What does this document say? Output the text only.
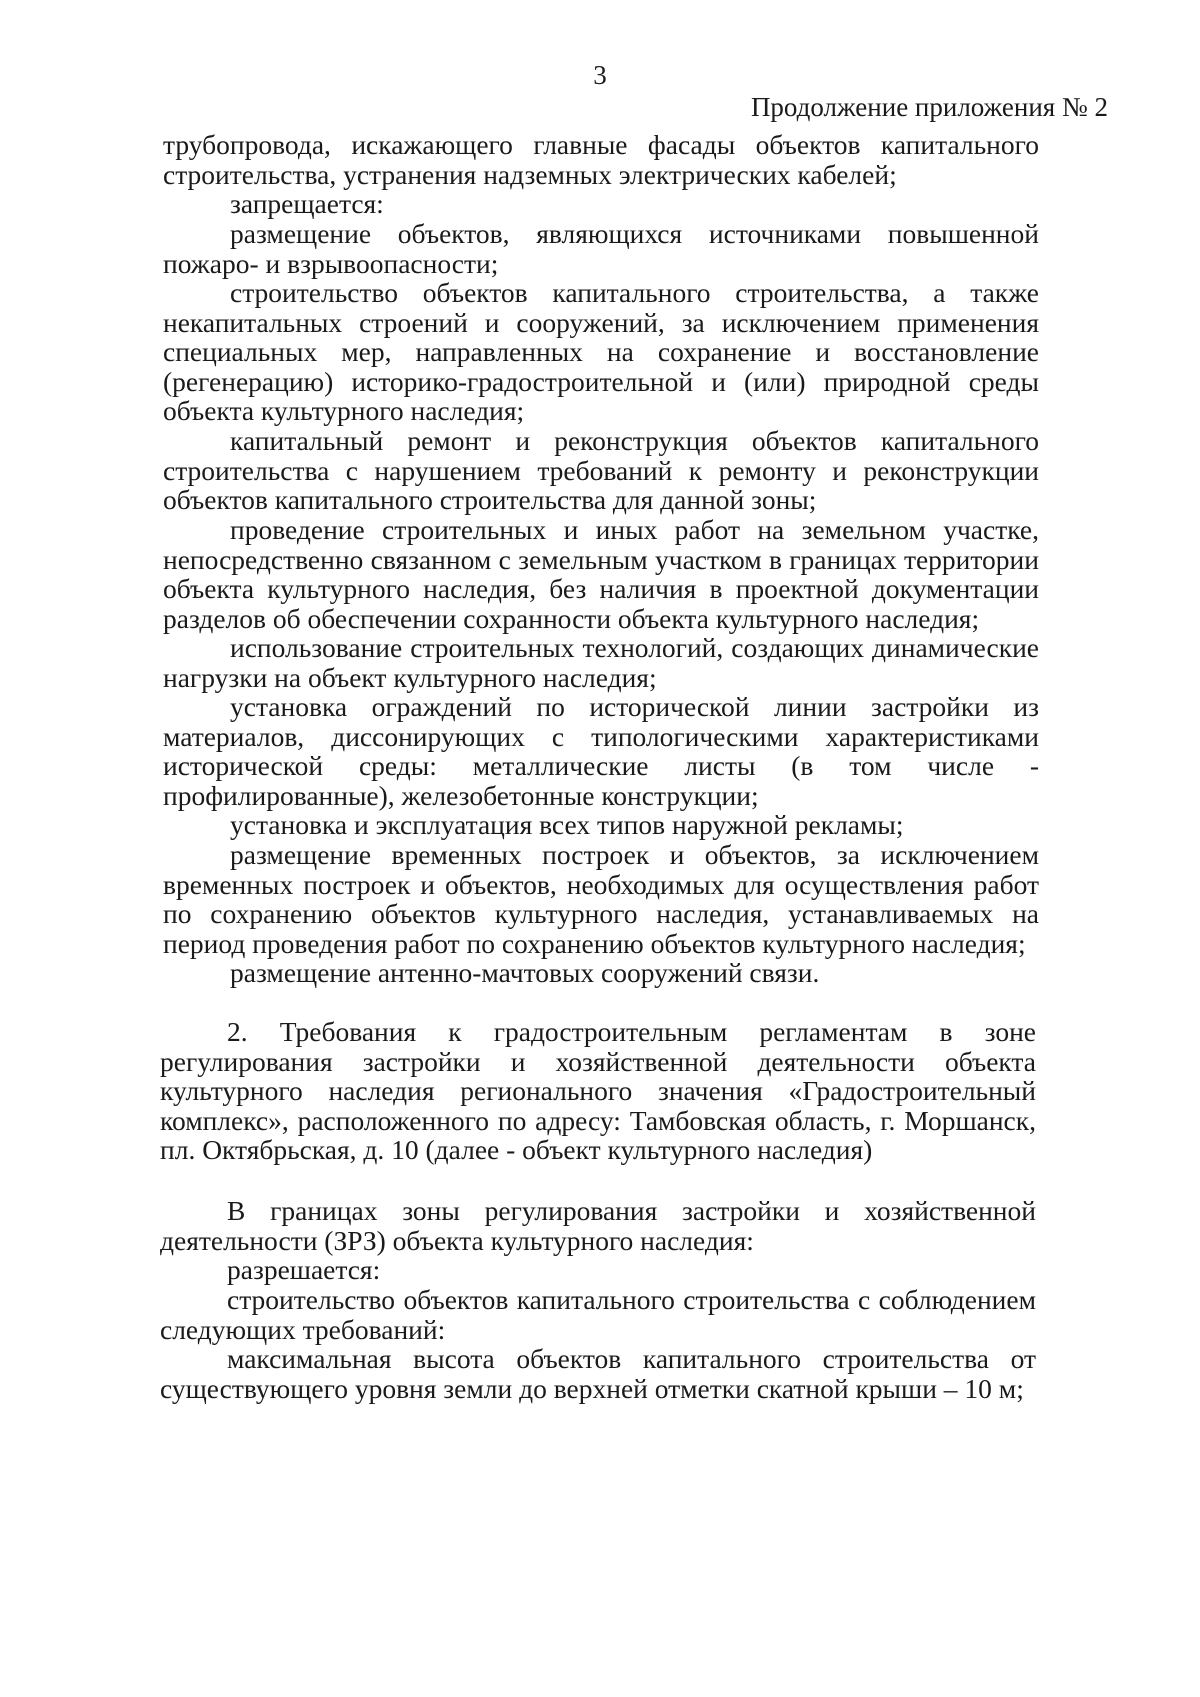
3
Продолжение приложения № 2
трубопровода, искажающего главные фасады объектов капитального строительства, устранения надземных электрических кабелей;
запрещается:
размещение объектов, являющихся источниками повышенной пожаро- и взрывоопасности;
строительство объектов капитального строительства, а также некапитальных строений и сооружений, за исключением применения специальных мер, направленных на сохранение и восстановление (регенерацию) историко-градостроительной и (или) природной среды объекта культурного наследия;
капитальный ремонт и реконструкция объектов капитального строительства с нарушением требований к ремонту и реконструкции объектов капитального строительства для данной зоны;
проведение строительных и иных работ на земельном участке, непосредственно связанном с земельным участком в границах территории объекта культурного наследия, без наличия в проектной документации разделов об обеспечении сохранности объекта культурного наследия;
использование строительных технологий, создающих динамические нагрузки на объект культурного наследия;
установка ограждений по исторической линии застройки из материалов, диссонирующих с типологическими характеристиками исторической среды: металлические листы (в том числе - профилированные), железобетонные конструкции;
установка и эксплуатация всех типов наружной рекламы;
размещение временных построек и объектов, за исключением временных построек и объектов, необходимых для осуществления работ по сохранению объектов культурного наследия, устанавливаемых на период проведения работ по сохранению объектов культурного наследия;
размещение антенно-мачтовых сооружений связи.
2. Требования к градостроительным регламентам в зоне регулирования застройки и хозяйственной деятельности объекта культурного наследия регионального значения «Градостроительный комплекс», расположенного по адресу: Тамбовская область, г. Моршанск, пл. Октябрьская, д. 10 (далее - объект культурного наследия)
В границах зоны регулирования застройки и хозяйственной деятельности (ЗРЗ) объекта культурного наследия:
разрешается:
строительство объектов капитального строительства с соблюдением следующих требований:
максимальная высота объектов капитального строительства от существующего уровня земли до верхней отметки скатной крыши – 10 м;
